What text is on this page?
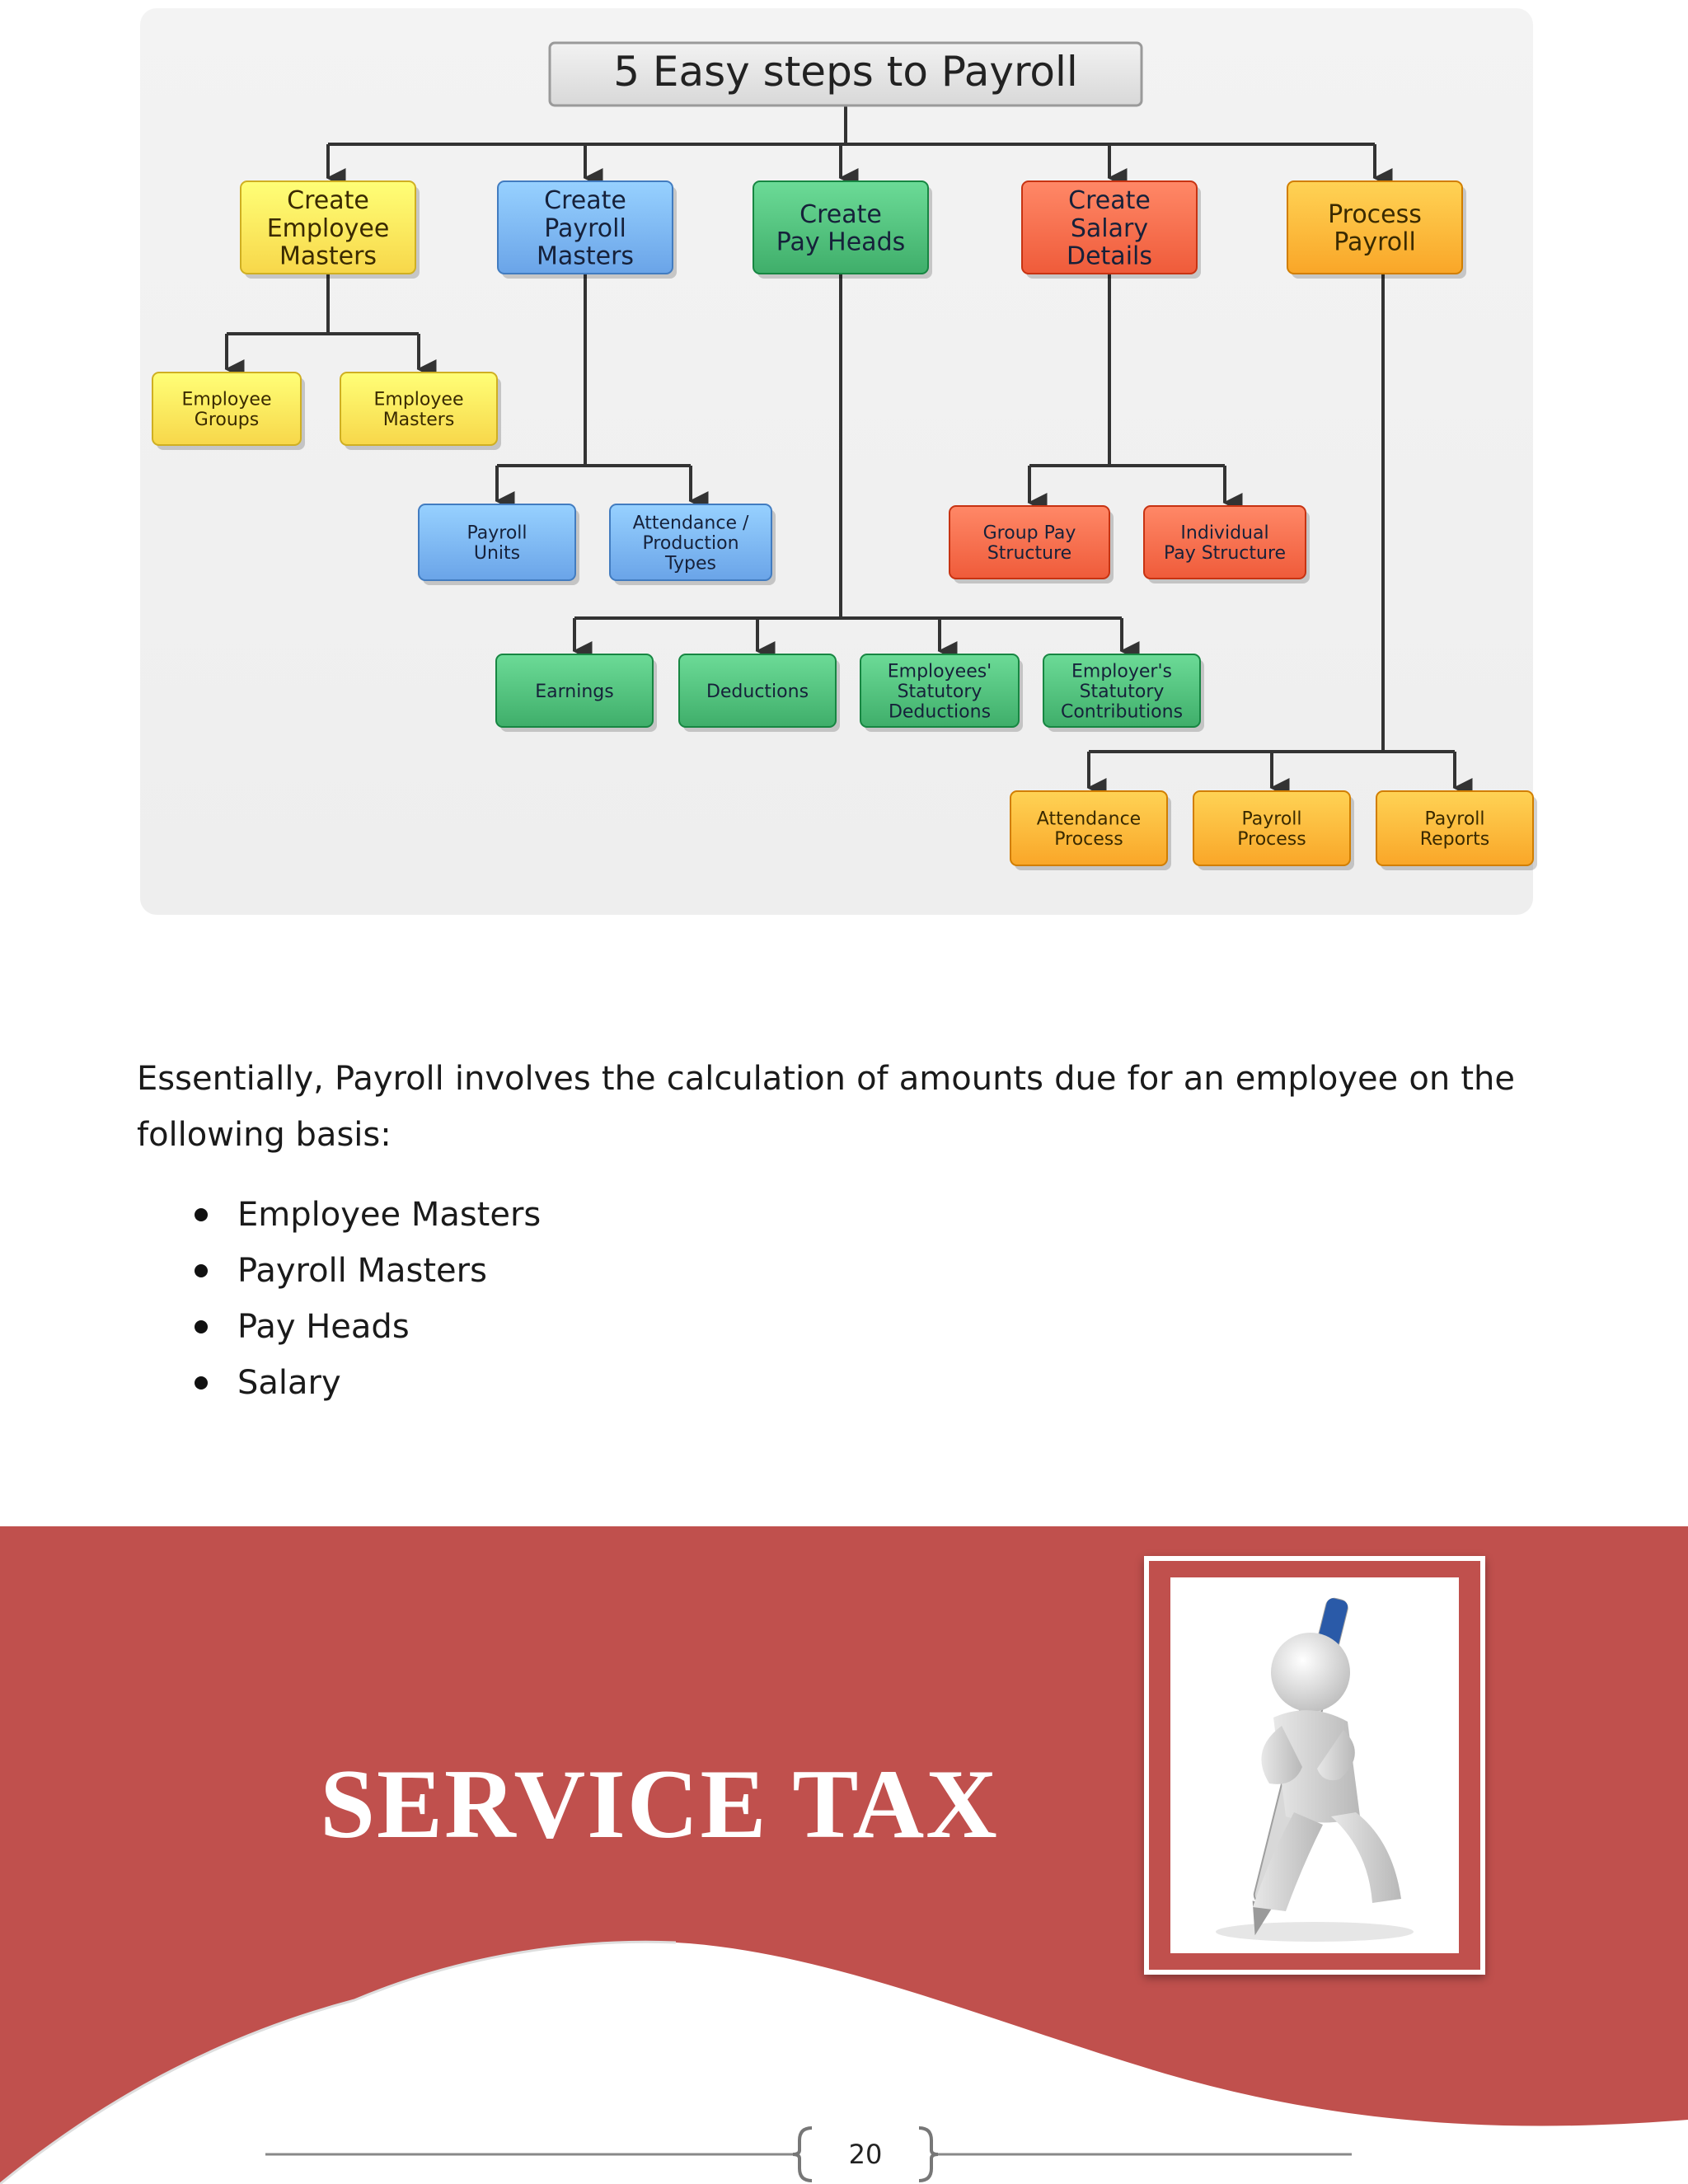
5 Easy steps to Payroll
Create
Employee
Masters
Employee
Groups
Employee
Masters
Create
Payroll
Masters
Payroll
Units
Attendance /
Production
Types
Create
Pay Heads
Earnings	Deductions
Employees'
Statutory
Deductions
Employer's
Statutory
Contributions
Create
Salary
Details
Group Pay
Structure
Individual
Pay Structure
Process
Payroll
Attendance
Process
Payroll
Process
Payroll
Reports
Essentially, Payroll involves the calculation of amounts due for an employee on the following basis:
Employee Masters
Payroll Masters
Pay Heads
Salary
SERVICE TAX
20
